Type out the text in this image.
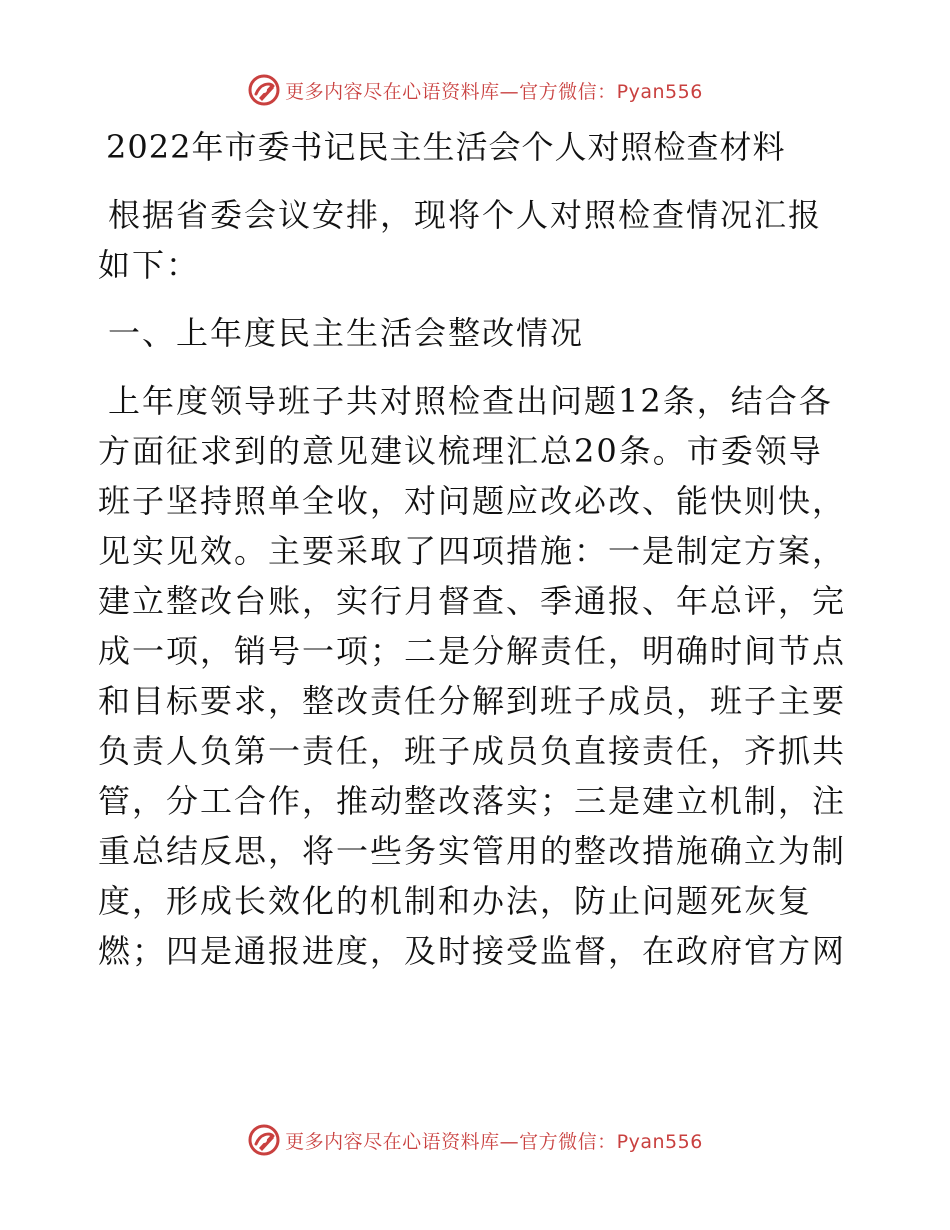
更多内容尽在心语资料库—官方微信：Pyan556
2022年市委书记民主生活会个人对照检查材料
根据省委会议安排，现将个人对照检查情况汇报
如下：
一、上年度民主生活会整改情况
上年度领导班子共对照检查出问题12条，结合各
方面征求到的意见建议梳理汇总20条。市委领导
班子坚持照单全收，对问题应改必改、能快则快，
见实见效。主要采取了四项措施：一是制定方案，
建立整改台账，实行月督查、季通报、年总评，完
成一项，销号一项；二是分解责任，明确时间节点
和目标要求，整改责任分解到班子成员，班子主要
负责人负第一责任，班子成员负直接责任，齐抓共
管，分工合作，推动整改落实；三是建立机制，注
重总结反思，将一些务实管用的整改措施确立为制
度，形成长效化的机制和办法，防止问题死灰复
燃；四是通报进度，及时接受监督，在政府官方网
更多内容尽在心语资料库—官方微信：Pyan556
